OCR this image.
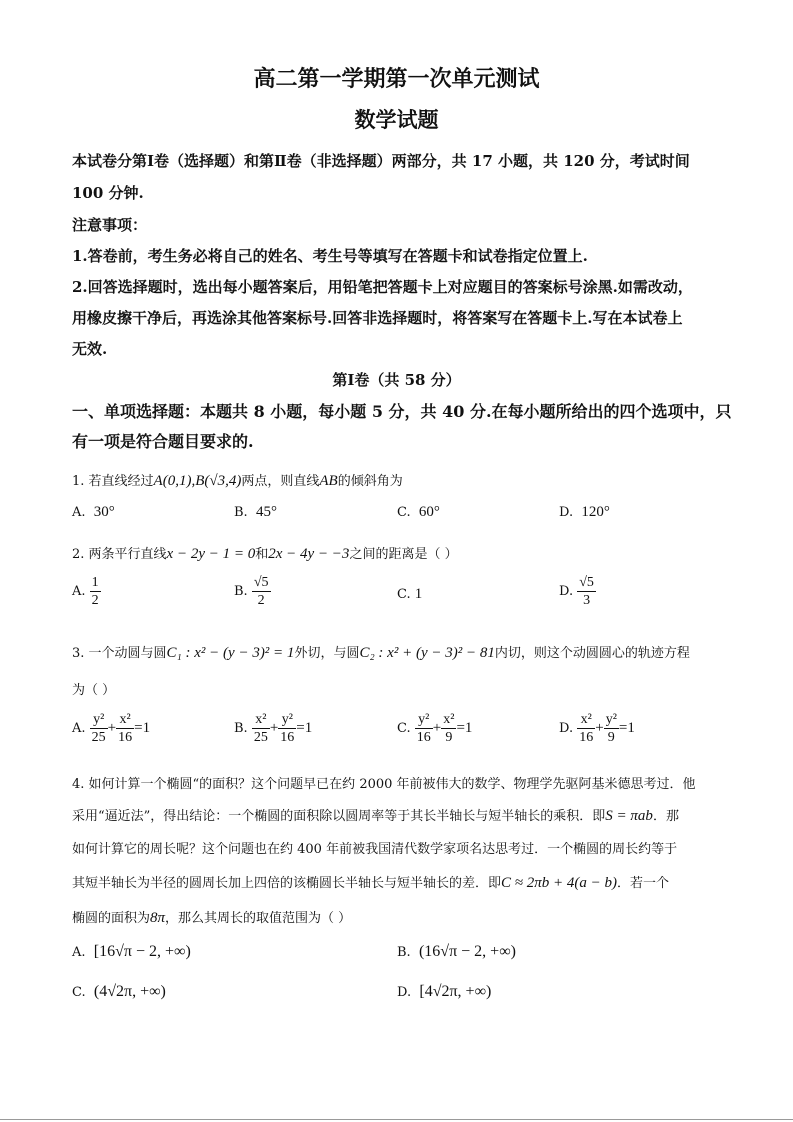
高二第一学期第一次单元测试
数学试题
本试卷分第Ⅰ卷（选择题）和第Ⅱ卷（非选择题）两部分，共 17 小题，共 120 分，考试时间
100 分钟.
注意事项：
1.答卷前，考生务必将自己的姓名、考生号等填写在答题卡和试卷指定位置上.
2.回答选择题时，选出每小题答案后，用铅笔把答题卡上对应题目的答案标号涂黑.如需改动，
用橡皮擦干净后，再选涂其他答案标号.回答非选择题时，将答案写在答题卡上.写在本试卷上
无效.
第Ⅰ卷（共 58 分）
一、单项选择题：本题共 8 小题，每小题 5 分，共 40 分.在每小题所给出的四个选项中，只
有一项是符合题目要求的.
1. 若直线经过A(0,1),B(√3,4)两点，则直线AB的倾斜角为
A. 30°	B. 45°	C. 60°	D. 120°
2. 两条平行直线x − 2y − 1 = 0和2x − 4y − −3之间的距离是（ ）
A. $\frac{1}{2}$	B. $\frac{√5}{2}$	C. 1	D. $\frac{√5}{3}$
3. 一个动圆与圆C₁ : x² − (y − 3)² = 1外切，与圆C₂ : x² + (y − 3)² − 81内切，则这个动圆圆心的轨迹方程
为（ ）
A. $\frac{\text{y²}}{25} + \frac{\text{x²}}{16} =1$	B. $\frac{\text{x²}}{25} + \frac{\text{y²}}{16} =1$	C. $\frac{\text{y²}}{16} + \frac{\text{x²}}{9} =1$	D. $\frac{\text{x²}}{16} + \frac{\text{y²}}{9} =1$
4. 如何计算一个椭圆“的面积？这个问题早已在约 2000 年前被伟大的数学、物理学先驱阿基米德思考过．他
采用“逼近法”，得出结论：一个椭圆的面积除以圆周率等于其长半轴长与短半轴长的乘积．即S = πab．那
如何计算它的周长呢？这个问题也在约 400 年前被我国清代数学家项名达思考过．一个椭圆的周长约等于
其短半轴长为半径的圆周长加上四倍的该椭圆长半轴长与短半轴长的差．即C ≈ 2πb + 4(a − b)．若一个
椭圆的面积为8π，那么其周长的取值范围为（ ）
A. [16√π − 2, +∞)	B. (16√π − 2, +∞)
C. (4√2π, +∞)	D. [4√2π, +∞)
